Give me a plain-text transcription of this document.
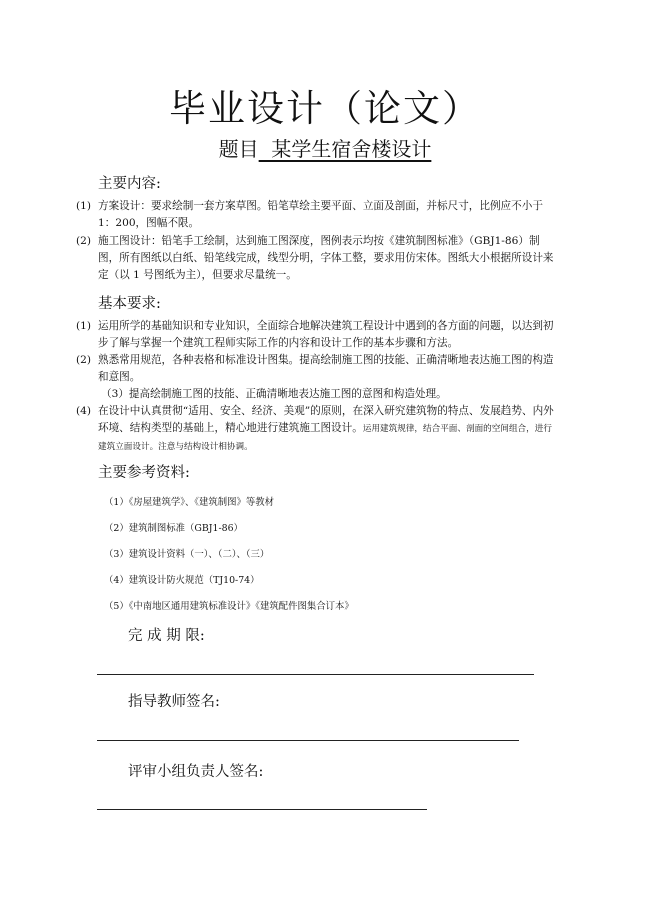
毕业设计（论文）
题目  某学生宿舍楼设计
主要内容:
(1) 方案设计：要求绘制一套方案草图。铅笔草绘主要平面、立面及剖面，并标尺寸，比例应不小于 1：200，图幅不限。
(2) 施工图设计：铅笔手工绘制，达到施工图深度，图例表示均按《建筑制图标准》（GBJ1-86）制图，所有图纸以白纸、铅笔线完成，线型分明，字体工整，要求用仿宋体。图纸大小根据所设计来定（以 1 号图纸为主），但要求尽量统一。
基本要求:
(1) 运用所学的基础知识和专业知识，全面综合地解决建筑工程设计中遇到的各方面的问题，以达到初步了解与掌握一个建筑工程师实际工作的内容和设计工作的基本步骤和方法。
(2) 熟悉常用规范，各种表格和标准设计图集。提高绘制施工图的技能、正确清晰地表达施工图的构造和意图。
（3）提高绘制施工图的技能、正确清晰地表达施工图的意图和构造处理。
(4) 在设计中认真贯彻“适用、安全、经济、美观”的原则，在深入研究建筑物的特点、发展趋势、内外环境、结构类型的基础上，精心地进行建筑施工图设计。运用建筑规律，结合平面、剖面的空间组合，进行建筑立面设计。注意与结构设计相协调。
主要参考资料:
（1）《房屋建筑学》、《建筑制图》等教材
（2）建筑制图标准（GBJ1-86）
（3）建筑设计资料（一）、（二）、（三）
（4）建筑设计防火规范（TJ10-74）
（5）《中南地区通用建筑标准设计》《建筑配件图集合订本》
完 成 期 限:
指导教师签名:
评审小组负责人签名:
